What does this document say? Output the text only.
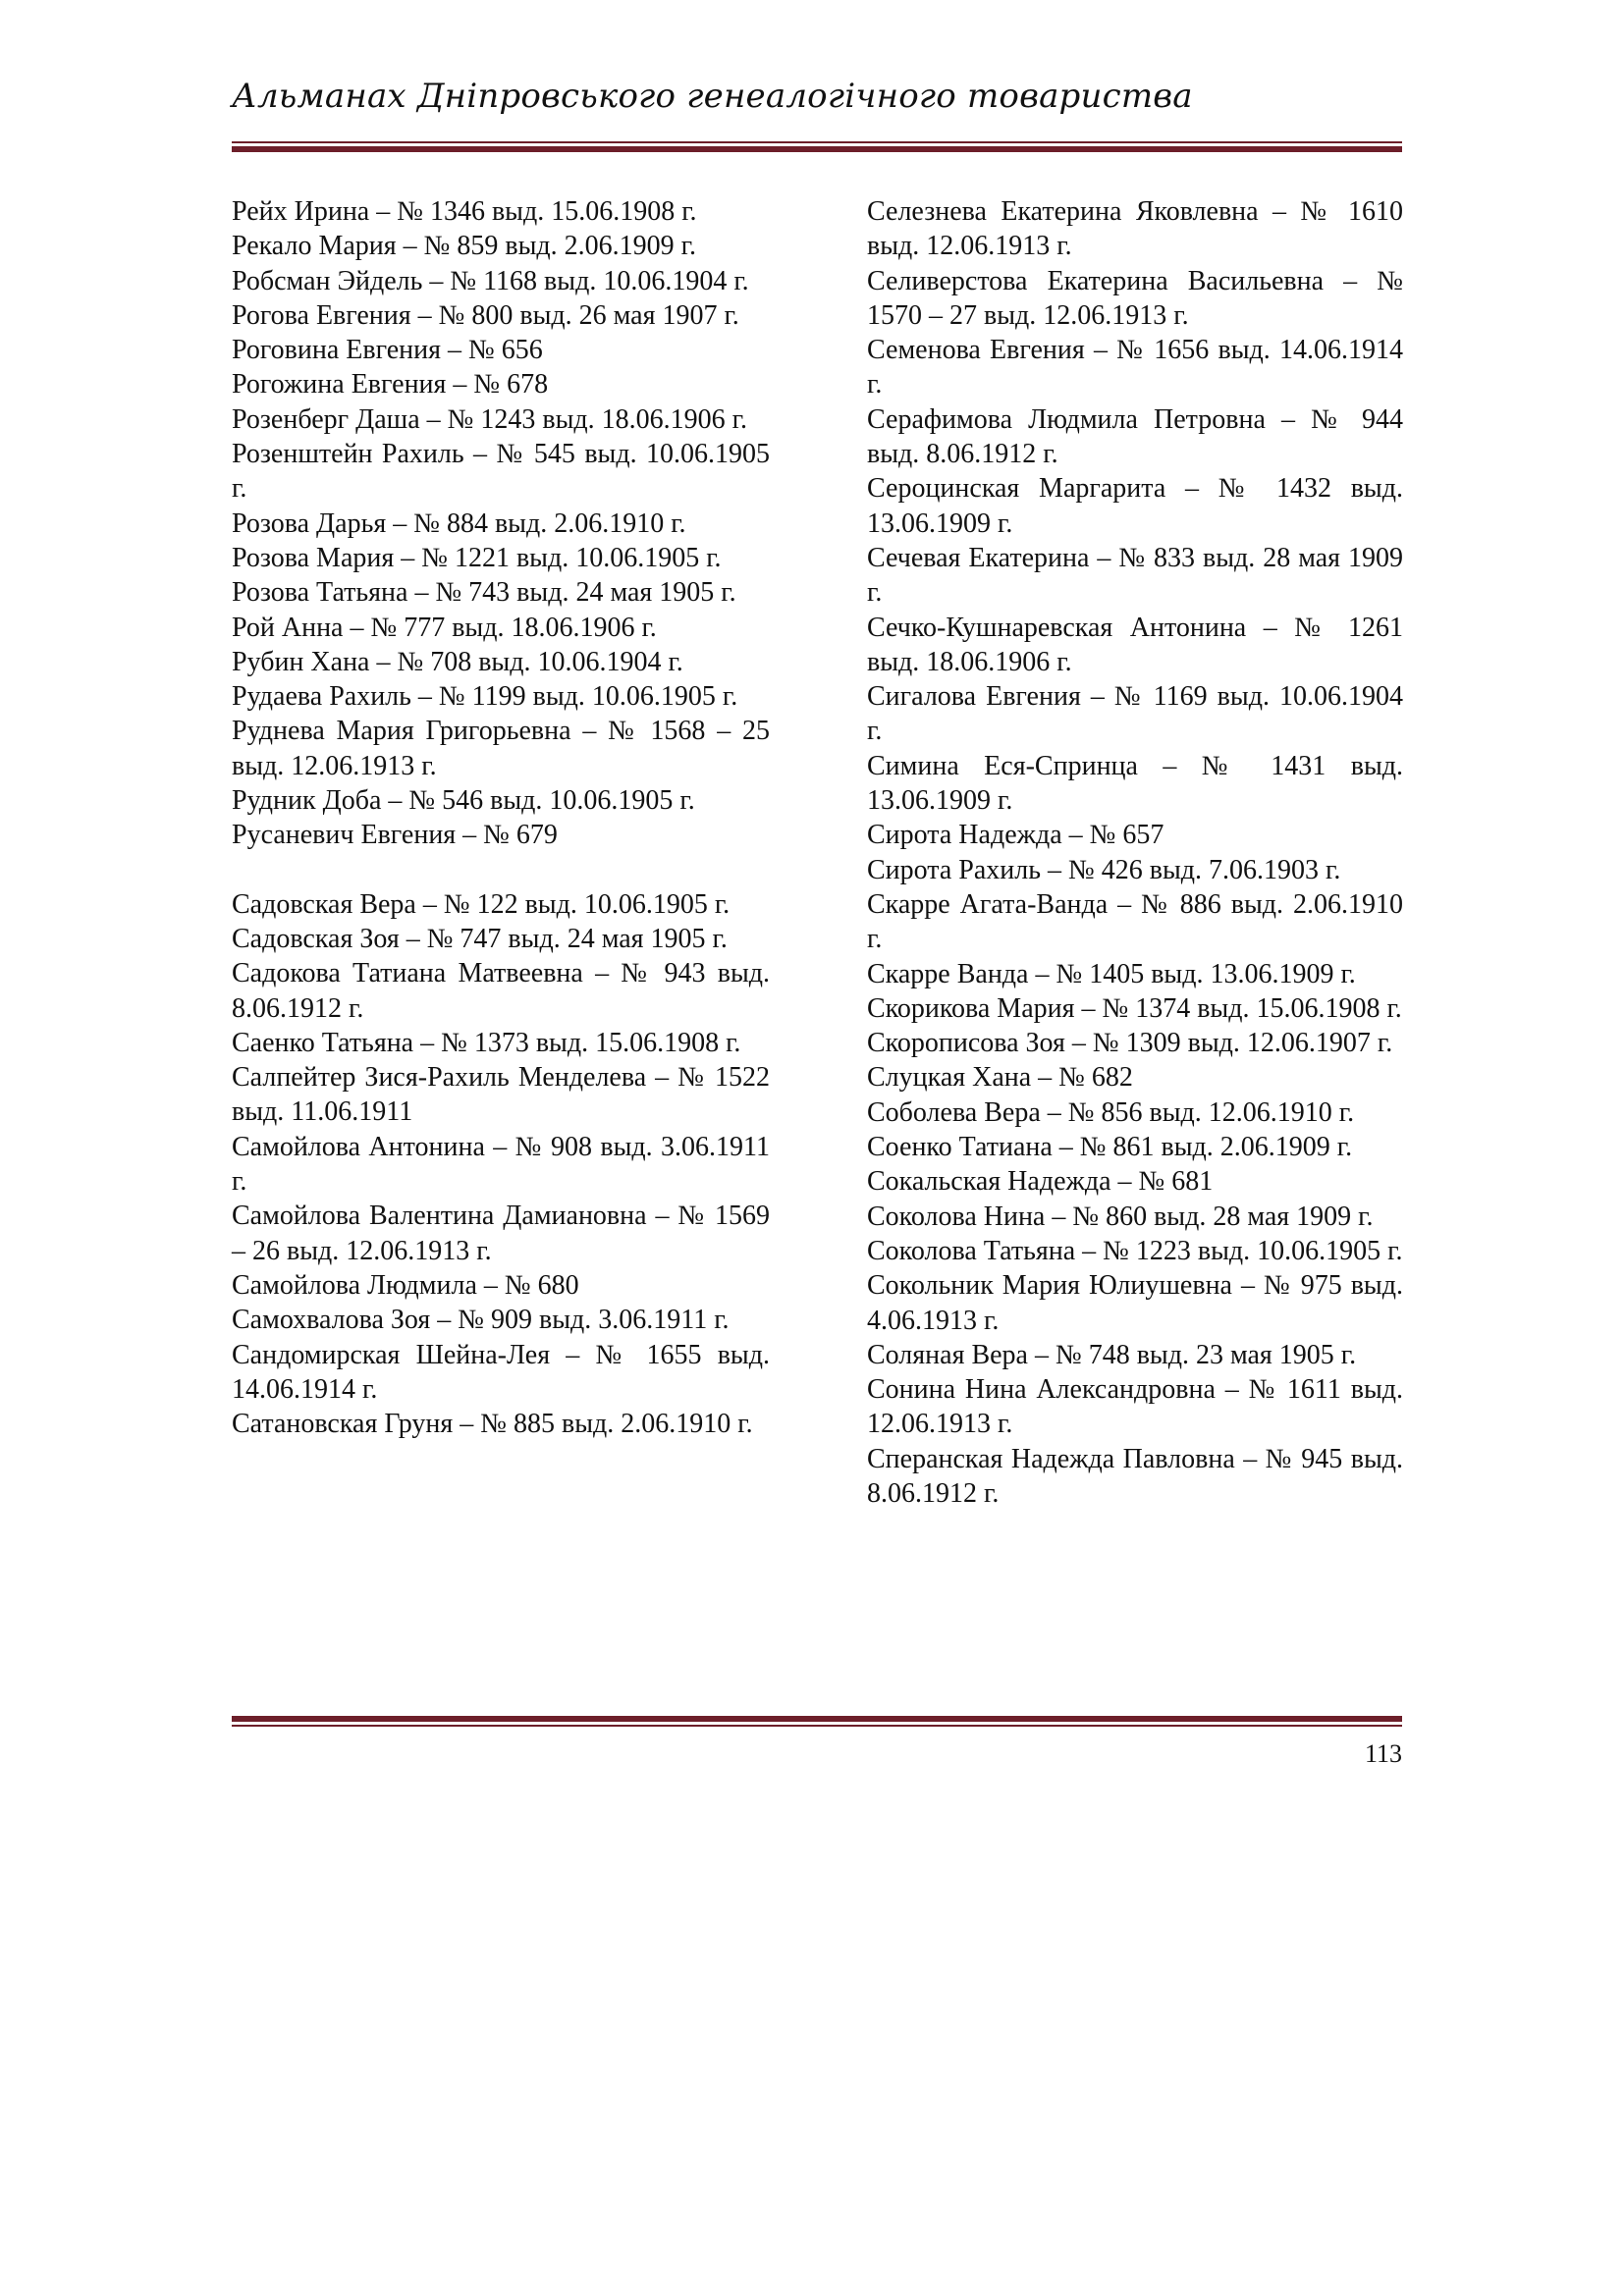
Альманах Дніпровського генеалогічного товариства
Рейх Ирина – № 1346 выд. 15.06.1908 г.
Рекало Мария – № 859 выд. 2.06.1909 г.
Робсман Эйдель – № 1168 выд. 10.06.1904 г.
Рогова Евгения – № 800 выд. 26 мая 1907 г.
Роговина Евгения – № 656
Рогожина Евгения – № 678
Розенберг Даша – № 1243 выд. 18.06.1906 г.
Розенштейн Рахиль – № 545 выд. 10.06.1905 г.
Розова Дарья – № 884 выд. 2.06.1910 г.
Розова Мария – № 1221 выд. 10.06.1905 г.
Розова Татьяна – № 743 выд. 24 мая 1905 г.
Рой Анна – № 777 выд. 18.06.1906 г.
Рубин Хана – № 708 выд. 10.06.1904 г.
Рудаева Рахиль – № 1199 выд. 10.06.1905 г.
Руднева Мария Григорьевна – № 1568 – 25 выд. 12.06.1913 г.
Рудник Доба – № 546 выд. 10.06.1905 г.
Русаневич Евгения – № 679
Садовская Вера – № 122 выд. 10.06.1905 г.
Садовская Зоя – № 747 выд. 24 мая 1905 г.
Садокова Татиана Матвеевна – № 943 выд. 8.06.1912 г.
Саенко Татьяна – № 1373 выд. 15.06.1908 г.
Салпейтер Зися-Рахиль Менделева – № 1522 выд. 11.06.1911
Самойлова Антонина – № 908 выд. 3.06.1911 г.
Самойлова Валентина Дамиановна – № 1569 – 26 выд. 12.06.1913 г.
Самойлова Людмила – № 680
Самохвалова Зоя – № 909 выд. 3.06.1911 г.
Сандомирская Шейна-Лея – № 1655 выд. 14.06.1914 г.
Сатановская Груня – № 885 выд. 2.06.1910 г.
Селезнева Екатерина Яковлевна – № 1610 выд. 12.06.1913 г.
Селиверстова Екатерина Васильевна – № 1570 – 27 выд. 12.06.1913 г.
Семенова Евгения – № 1656 выд. 14.06.1914 г.
Серафимова Людмила Петровна – № 944 выд. 8.06.1912 г.
Сероцинская Маргарита – № 1432 выд. 13.06.1909 г.
Сечевая Екатерина – № 833 выд. 28 мая 1909 г.
Сечко-Кушнаревская Антонина – № 1261 выд. 18.06.1906 г.
Сигалова Евгения – № 1169 выд. 10.06.1904 г.
Симина Еся-Спринца – № 1431 выд. 13.06.1909 г.
Сирота Надежда – № 657
Сирота Рахиль – № 426 выд. 7.06.1903 г.
Скарре Агата-Ванда – № 886 выд. 2.06.1910 г.
Скарре Ванда – № 1405 выд. 13.06.1909 г.
Скорикова Мария – № 1374 выд. 15.06.1908 г.
Скорописова Зоя – № 1309 выд. 12.06.1907 г.
Слуцкая Хана – № 682
Соболева Вера – № 856 выд. 12.06.1910 г.
Соенко Татиана – № 861 выд. 2.06.1909 г.
Сокальская Надежда – № 681
Соколова Нина – № 860 выд. 28 мая 1909 г.
Соколова Татьяна – № 1223 выд. 10.06.1905 г.
Сокольник Мария Юлиушевна – № 975 выд. 4.06.1913 г.
Соляная Вера – № 748 выд. 23 мая 1905 г.
Сонина Нина Александровна – № 1611 выд. 12.06.1913 г.
Сперанская Надежда Павловна – № 945 выд. 8.06.1912 г.
113
